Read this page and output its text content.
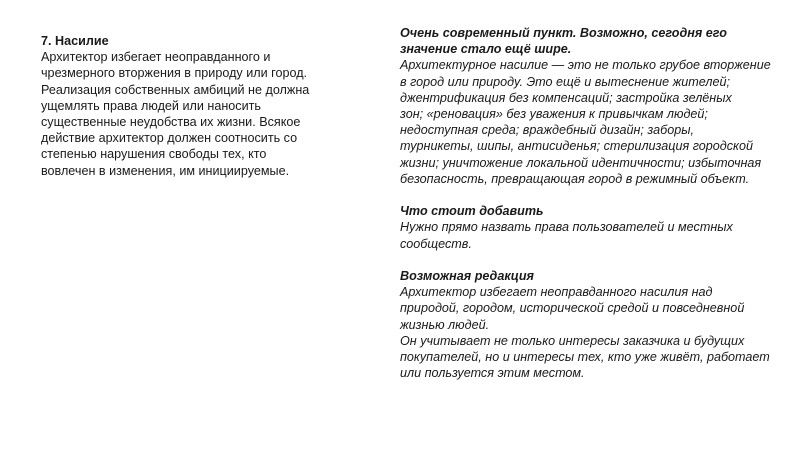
7. Насилие
Архитектор избегает неоправданного и
чрезмерного вторжения в природу или город.
Реализация собственных амбиций не должна
ущемлять права людей или наносить
существенные неудобства их жизни. Всякое
действие архитектор должен соотносить со
степенью нарушения свободы тех, кто
вовлечен в изменения, им инициируемые.
Очень современный пункт. Возможно, сегодня его
значение стало ещё шире.
Архитектурное насилие — это не только грубое вторжение
в город или природу. Это ещё и вытеснение жителей;
джентрификация без компенсаций; застройка зелёных
зон; «реновация» без уважения к привычкам людей;
недоступная среда; враждебный дизайн; заборы,
турникеты, шипы, антисиденья; стерилизация городской
жизни; уничтожение локальной идентичности; избыточная
безопасность, превращающая город в режимный объект.
Что стоит добавить
Нужно прямо назвать права пользователей и местных
сообществ.
Возможная редакция
Архитектор избегает неоправданного насилия над
природой, городом, исторической средой и повседневной
жизнью людей.
Он учитывает не только интересы заказчика и будущих
покупателей, но и интересы тех, кто уже живёт, работает
или пользуется этим местом.
